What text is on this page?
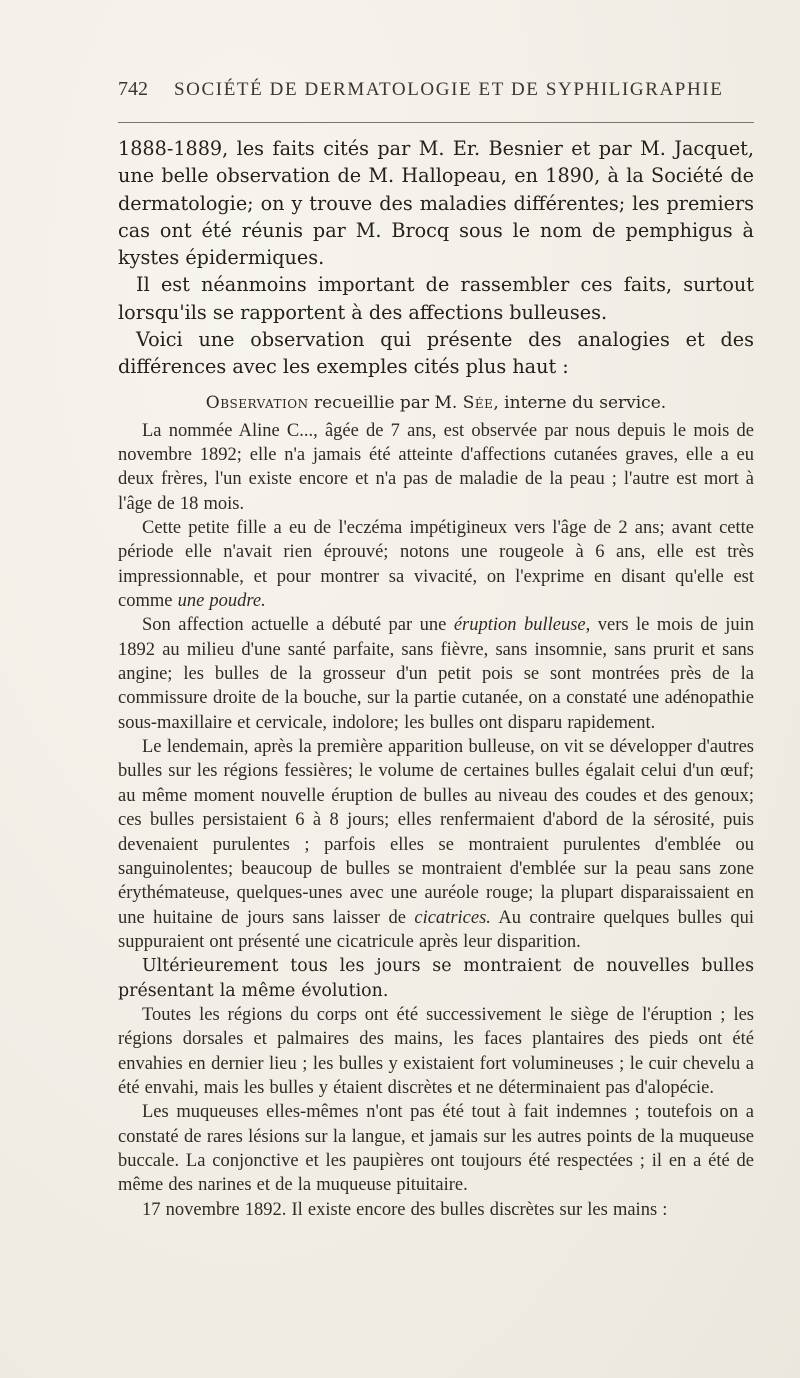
742	SOCIÉTÉ DE DERMATOLOGIE ET DE SYPHILIGRAPHIE

1888-1889, les faits cités par M. Er. Besnier et par M. Jacquet, une belle observation de M. Hallopeau, en 1890, à la Société de dermatologie; on y trouve des maladies différentes; les premiers cas ont été réunis par M. Brocq sous le nom de pemphigus à kystes épidermiques.

Il est néanmoins important de rassembler ces faits, surtout lorsqu'ils se rapportent à des affections bulleuses.

Voici une observation qui présente des analogies et des différences avec les exemples cités plus haut :

Observation recueillie par M. Sée, interne du service.

La nommée Aline C..., âgée de 7 ans, est observée par nous depuis le mois de novembre 1892; elle n'a jamais été atteinte d'affections cutanées graves, elle a eu deux frères, l'un existe encore et n'a pas de maladie de la peau ; l'autre est mort à l'âge de 18 mois.

Cette petite fille a eu de l'eczéma impétigineux vers l'âge de 2 ans; avant cette période elle n'avait rien éprouvé; notons une rougeole à 6 ans, elle est très impressionnable, et pour montrer sa vivacité, on l'exprime en disant qu'elle est comme une poudre.

Son affection actuelle a débuté par une éruption bulleuse, vers le mois de juin 1892 au milieu d'une santé parfaite, sans fièvre, sans insomnie, sans prurit et sans angine; les bulles de la grosseur d'un petit pois se sont montrées près de la commissure droite de la bouche, sur la partie cutanée, on a constaté une adénopathie sous-maxillaire et cervicale, indolore; les bulles ont disparu rapidement.

Le lendemain, après la première apparition bulleuse, on vit se développer d'autres bulles sur les régions fessières; le volume de certaines bulles égalait celui d'un œuf; au même moment nouvelle éruption de bulles au niveau des coudes et des genoux; ces bulles persistaient 6 à 8 jours; elles renfermaient d'abord de la sérosité, puis devenaient purulentes ; parfois elles se montraient purulentes d'emblée ou sanguinolentes; beaucoup de bulles se montraient d'emblée sur la peau sans zone érythémateuse, quelques-unes avec une auréole rouge; la plupart disparaissaient en une huitaine de jours sans laisser de cicatrices. Au contraire quelques bulles qui suppuraient ont présenté une cicatricule après leur disparition.

Ultérieurement tous les jours se montraient de nouvelles bulles présentant la même évolution.

Toutes les régions du corps ont été successivement le siège de l'éruption ; les régions dorsales et palmaires des mains, les faces plantaires des pieds ont été envahies en dernier lieu ; les bulles y existaient fort volumineuses ; le cuir chevelu a été envahi, mais les bulles y étaient discrètes et ne déterminaient pas d'alopécie.

Les muqueuses elles-mêmes n'ont pas été tout à fait indemnes ; toutefois on a constaté de rares lésions sur la langue, et jamais sur les autres points de la muqueuse buccale. La conjonctive et les paupières ont toujours été respectées ; il en a été de même des narines et de la muqueuse pituitaire.

17 novembre 1892. Il existe encore des bulles discrètes sur les mains :
